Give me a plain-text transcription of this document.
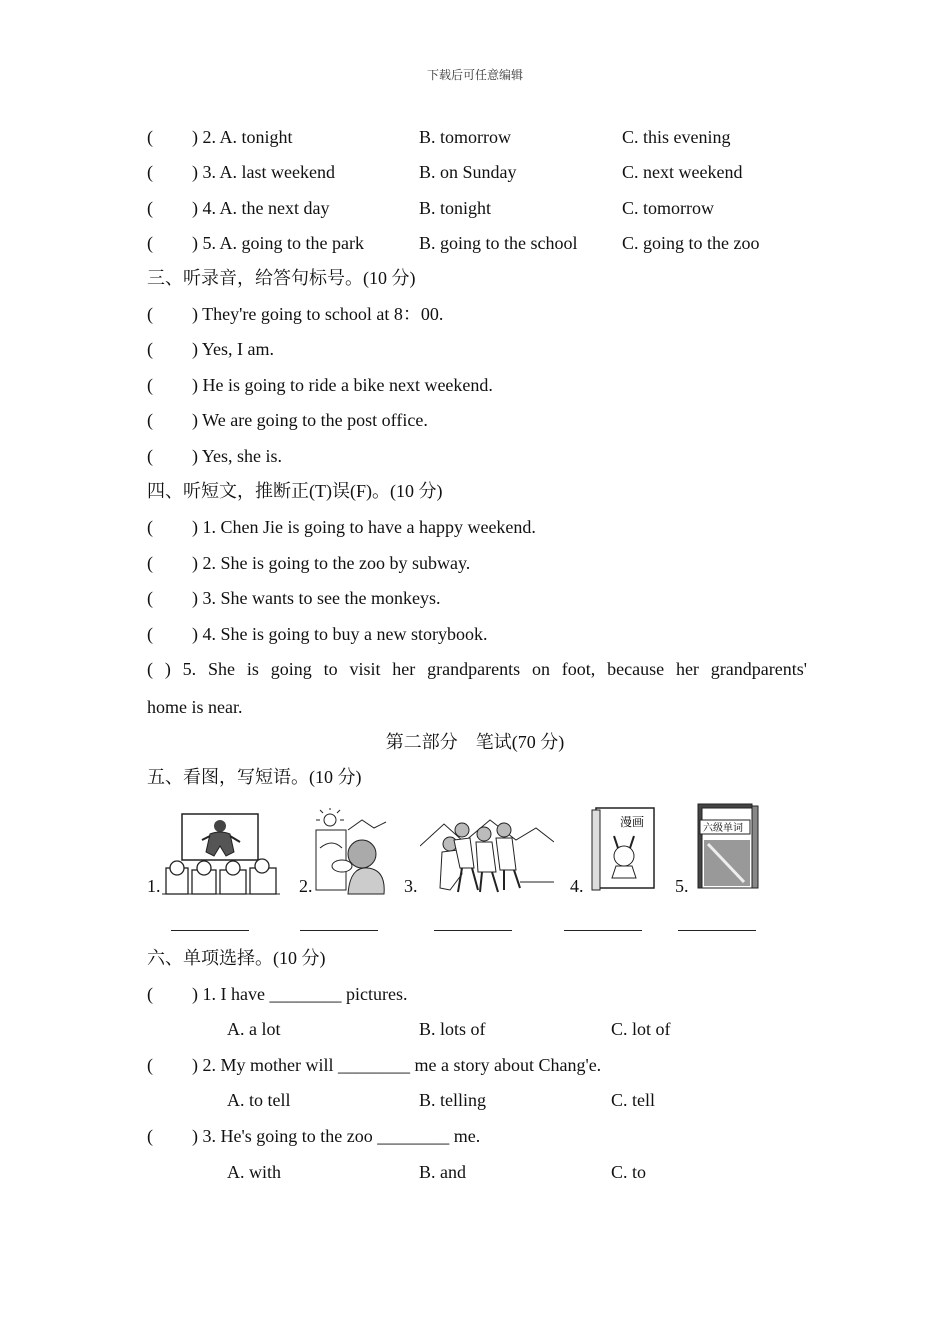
下载后可任意编辑
( ) 2. A. tonight	B. tomorrow	C. this evening
( ) 3. A. last weekend	B. on Sunday	C. next weekend
( ) 4. A. the next day	B. tonight	C. tomorrow
( ) 5. A. going to the park	B. going to the school C. going to the zoo
三、听录音，给答句标号。(10 分)
( ) They're going to school at 8：00.
( ) Yes, I am.
( ) He is going to ride a bike next weekend.
( ) We are going to the post office.
( ) Yes, she is.
四、听短文，推断正(T)误(F)。(10 分)
( ) 1. Chen Jie is going to have a happy weekend.
( ) 2. She is going to the zoo by subway.
( ) 3. She wants to see the monkeys.
( ) 4. She is going to buy a new storybook.
( ) 5. She is going to visit her grandparents on foot, because her grandparents'
home is near.
第二部分　笔试(70 分)
五、看图，写短语。(10 分)
1.	2.	3.	4.
漫画
5.
六级单词
六、单项选择。(10 分)
( ) 1. I have ________ pictures.
A. a lot	B. lots of	C. lot of
( ) 2. My mother will ________ me a story about Chang'e.
A. to tell	B. telling	C. tell
( ) 3. He's going to the zoo ________ me.
A. with	B. and	C. to
